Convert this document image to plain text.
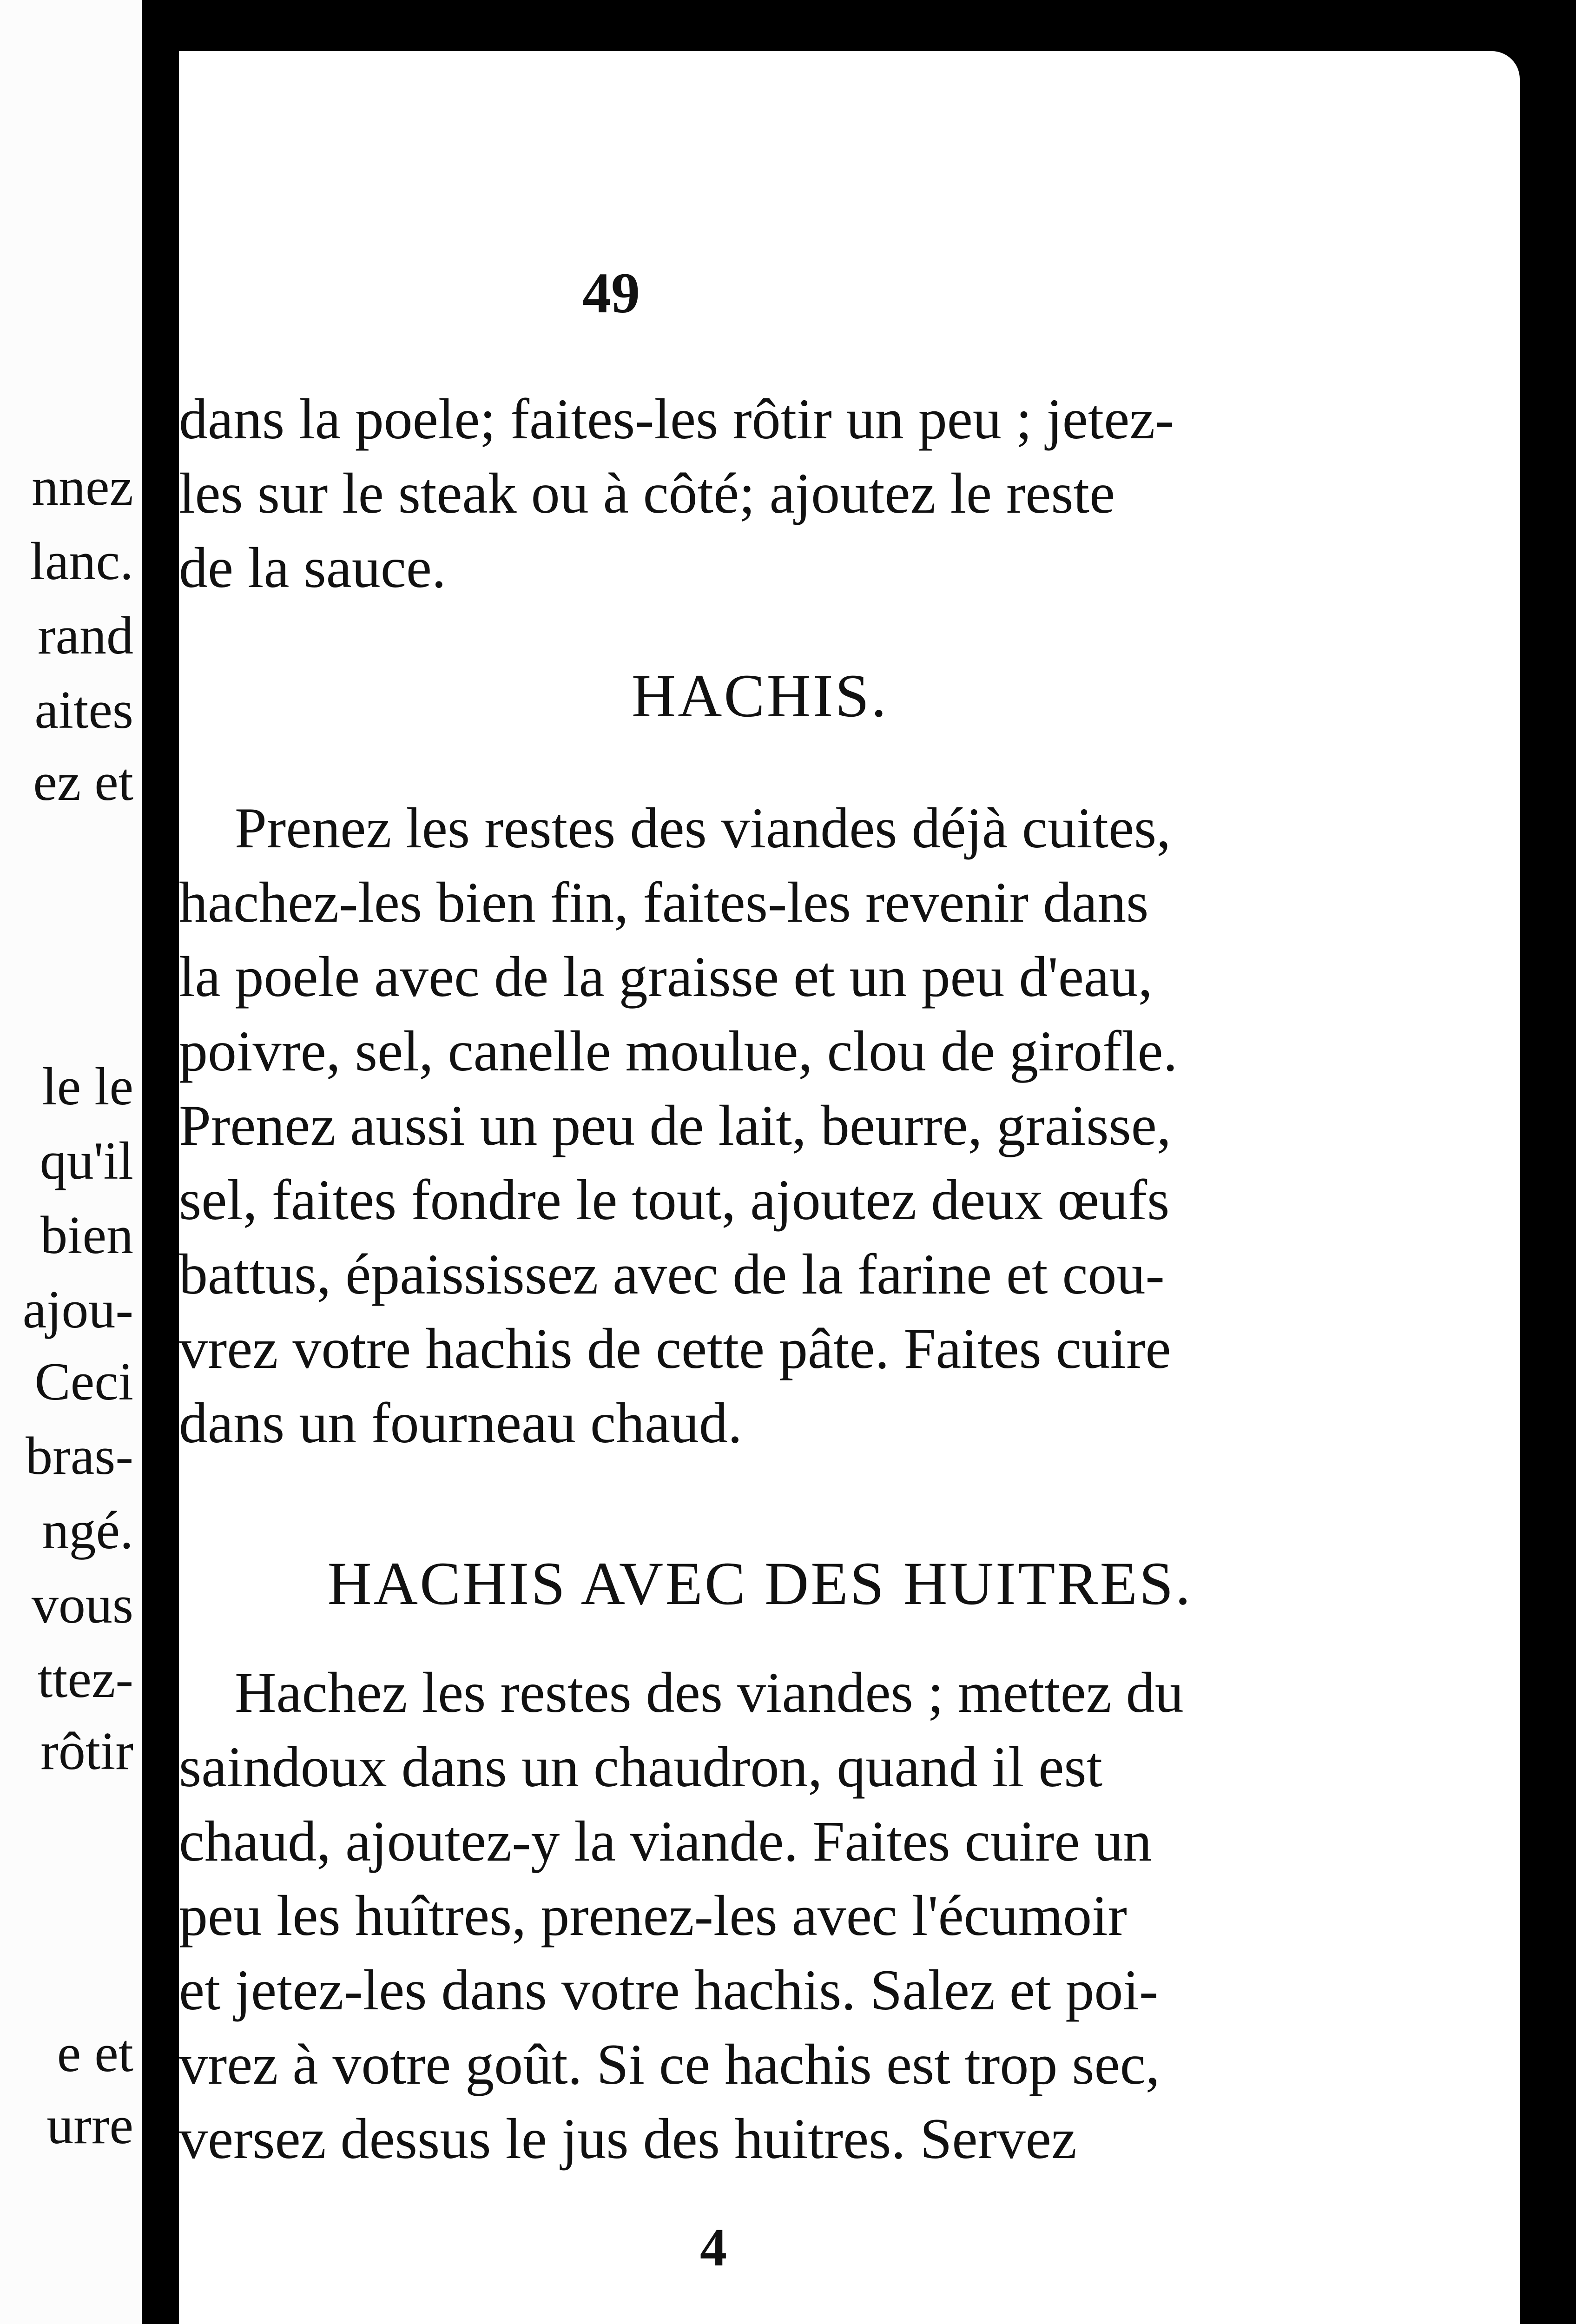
nnez
lanc.
rand
aites
ez et
le le
qu'il
bien
ajou-
Ceci
bras-
ngé.
vous
ttez-
rôtir
e et
urre
49
dans la poele; faites-les rôtir un peu ; jetez-
les sur le steak ou à côté; ajoutez le reste
de la sauce.
HACHIS.
Prenez les restes des viandes déjà cuites,
hachez-les bien fin, faites-les revenir dans
la poele avec de la graisse et un peu d'eau,
poivre, sel, canelle moulue, clou de girofle.
Prenez aussi un peu de lait, beurre, graisse,
sel, faites fondre le tout, ajoutez deux œufs
battus, épaississez avec de la farine et cou-
vrez votre hachis de cette pâte. Faites cuire
dans un fourneau chaud.
HACHIS AVEC DES HUITRES.
Hachez les restes des viandes ; mettez du
saindoux dans un chaudron, quand il est
chaud, ajoutez-y la viande. Faites cuire un
peu les huîtres, prenez-les avec l'écumoir
et jetez-les dans votre hachis. Salez et poi-
vrez à votre goût. Si ce hachis est trop sec,
versez dessus le jus des huitres. Servez
4
